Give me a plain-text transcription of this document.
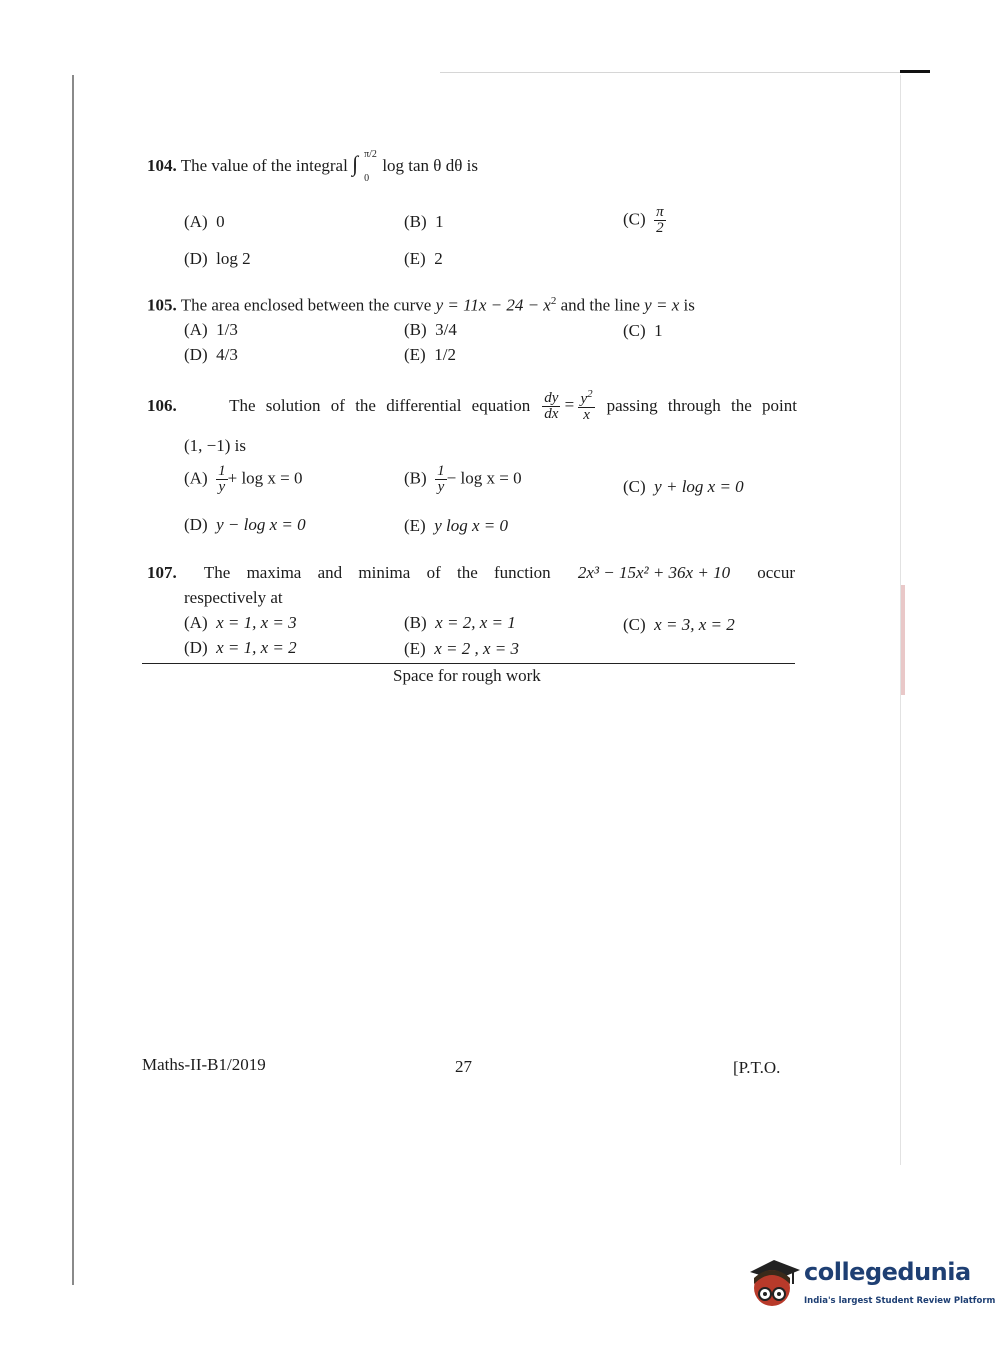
104. The value of the integral ∫ π/2
0
log tan θ dθ is
(A) 0	(B) 1	$(C) \frac{\pi}{2}$
(D) log 2	(E) 2
105. The area enclosed between the curve $y = 11x - 24 - x^2$ and the line y = x is
(A) 1/3	(B) 3/4	(C) 1
(D) 4/3	(E) 1/2
106.	The solution of the differential equation $\frac{dy}{dx} = \frac{y^2}{x}$ passing through the point
(1, −1) is
$(A) \frac{1}{y} + \log x = 0$	$(B) \frac{1}{y} - \log x = 0$	(C) y + log x = 0
(D) y − log x = 0	(E) y log x = 0
107. The maxima and minima of the function 2x³ − 15x² + 36x + 10 occur
respectively at
(A) x = 1, x = 3	(B) x = 2, x = 1	(C) x = 3, x = 2
(D) x = 1, x = 2	(E) x = 2 , x = 3
Space for rough work
Maths-II-B1/2019	27	[P.T.O.
collegedunia
India's largest Student Review Platform
